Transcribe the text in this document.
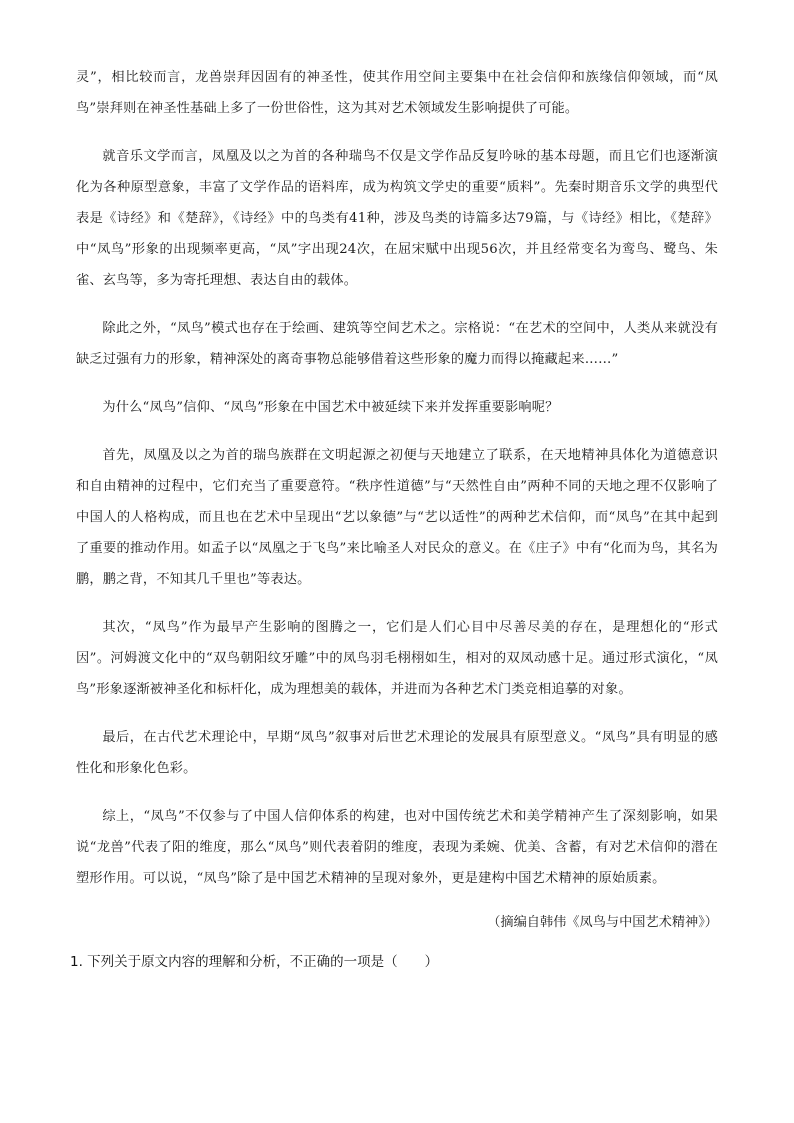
灵”，相比较而言，龙兽崇拜因固有的神圣性，使其作用空间主要集中在社会信仰和族缘信仰领域，而“凤鸟”崇拜则在神圣性基础上多了一份世俗性，这为其对艺术领域发生影响提供了可能。

就音乐文学而言，凤凰及以之为首的各种瑞鸟不仅是文学作品反复吟咏的基本母题，而且它们也逐渐演化为各种原型意象，丰富了文学作品的语料库，成为构筑文学史的重要“质料”。先秦时期音乐文学的典型代表是《诗经》和《楚辞》，《诗经》中的鸟类有41种，涉及鸟类的诗篇多达79篇，与《诗经》相比，《楚辞》中“凤鸟”形象的出现频率更高，“凤”字出现24次，在屈宋赋中出现56次，并且经常变名为鸾鸟、鹭鸟、朱雀、玄鸟等，多为寄托理想、表达自由的载体。

除此之外，“凤鸟”模式也存在于绘画、建筑等空间艺术之。宗格说：“在艺术的空间中，人类从来就没有缺乏过强有力的形象，精神深处的离奇事物总能够借着这些形象的魔力而得以掩藏起来……”

为什么“凤鸟”信仰、“凤鸟”形象在中国艺术中被延续下来并发挥重要影响呢？

首先，凤凰及以之为首的瑞鸟族群在文明起源之初便与天地建立了联系，在天地精神具体化为道德意识和自由精神的过程中，它们充当了重要意符。“秩序性道德”与“天然性自由”两种不同的天地之理不仅影响了中国人的人格构成，而且也在艺术中呈现出“艺以象德”与“艺以适性”的两种艺术信仰，而“凤鸟”在其中起到了重要的推动作用。如孟子以“凤凰之于飞鸟”来比喻圣人对民众的意义。在《庄子》中有“化而为鸟，其名为鹏，鹏之背，不知其几千里也”等表达。

其次，“凤鸟”作为最早产生影响的图腾之一，它们是人们心目中尽善尽美的存在，是理想化的“形式因”。河姆渡文化中的“双鸟朝阳纹牙雕”中的凤鸟羽毛栩栩如生，相对的双凤动感十足。通过形式演化，“凤鸟”形象逐渐被神圣化和标杆化，成为理想美的载体，并进而为各种艺术门类竞相追摹的对象。

最后，在古代艺术理论中，早期“凤鸟”叙事对后世艺术理论的发展具有原型意义。“凤鸟”具有明显的感性化和形象化色彩。

综上，“凤鸟”不仅参与了中国人信仰体系的构建，也对中国传统艺术和美学精神产生了深刻影响，如果说“龙兽”代表了阳的维度，那么“凤鸟”则代表着阴的维度，表现为柔婉、优美、含蓄，有对艺术信仰的潜在塑形作用。可以说，“凤鸟”除了是中国艺术精神的呈现对象外，更是建构中国艺术精神的原始质素。

（摘编自韩伟《凤鸟与中国艺术精神》）

1. 下列关于原文内容的理解和分析，不正确的一项是（　　）
